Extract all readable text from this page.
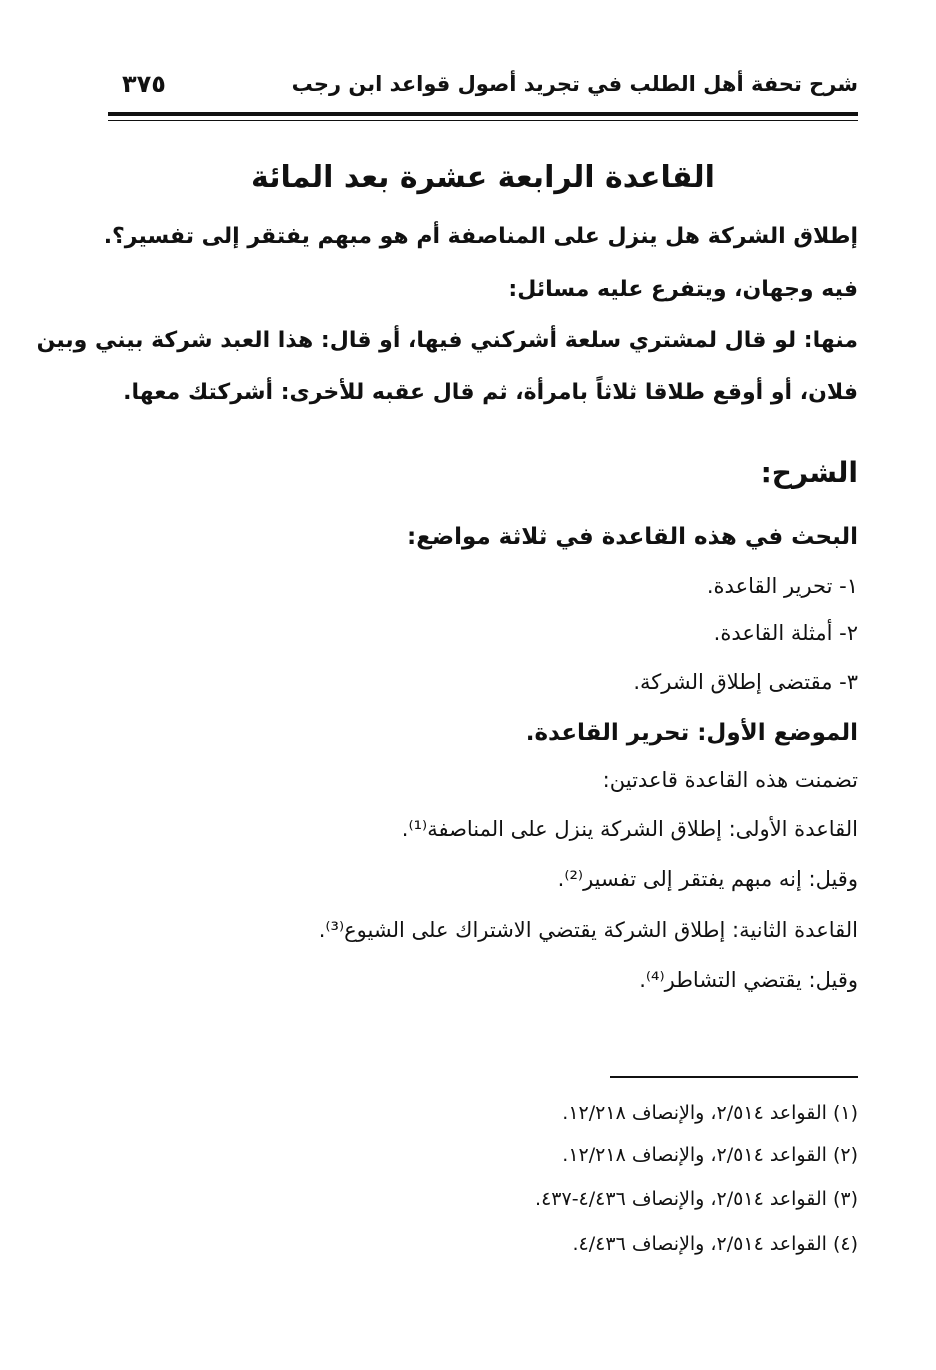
شرح تحفة أهل الطلب في تجريد أصول قواعد ابن رجب
٣٧٥
القاعدة الرابعة عشرة بعد المائة
إطلاق الشركة هل ينزل على المناصفة أم هو مبهم يفتقر إلى تفسير؟.
فيه وجهان، ويتفرع عليه مسائل:
منها: لو قال لمشتري سلعة أشركني فيها، أو قال: هذا العبد شركة بيني وبين
فلان، أو أوقع طلاقا ثلاثاً بامرأة، ثم قال عقبه للأخرى: أشركتك معها.
الشرح:
البحث في هذه القاعدة في ثلاثة مواضع:
١- تحرير القاعدة.
٢- أمثلة القاعدة.
٣- مقتضى إطلاق الشركة.
الموضع الأول: تحرير القاعدة.
تضمنت هذه القاعدة قاعدتين:
القاعدة الأولى: إطلاق الشركة ينزل على المناصفة⁽¹⁾.
وقيل: إنه مبهم يفتقر إلى تفسير⁽²⁾.
القاعدة الثانية: إطلاق الشركة يقتضي الاشتراك على الشيوع⁽³⁾.
وقيل: يقتضي التشاطر⁽⁴⁾.
(١) القواعد ٢/٥١٤، والإنصاف ١٢/٢١٨.
(٢) القواعد ٢/٥١٤، والإنصاف ١٢/٢١٨.
(٣) القواعد ٢/٥١٤، والإنصاف ٤/٤٣٦-٤٣٧.
(٤) القواعد ٢/٥١٤، والإنصاف ٤/٤٣٦.
